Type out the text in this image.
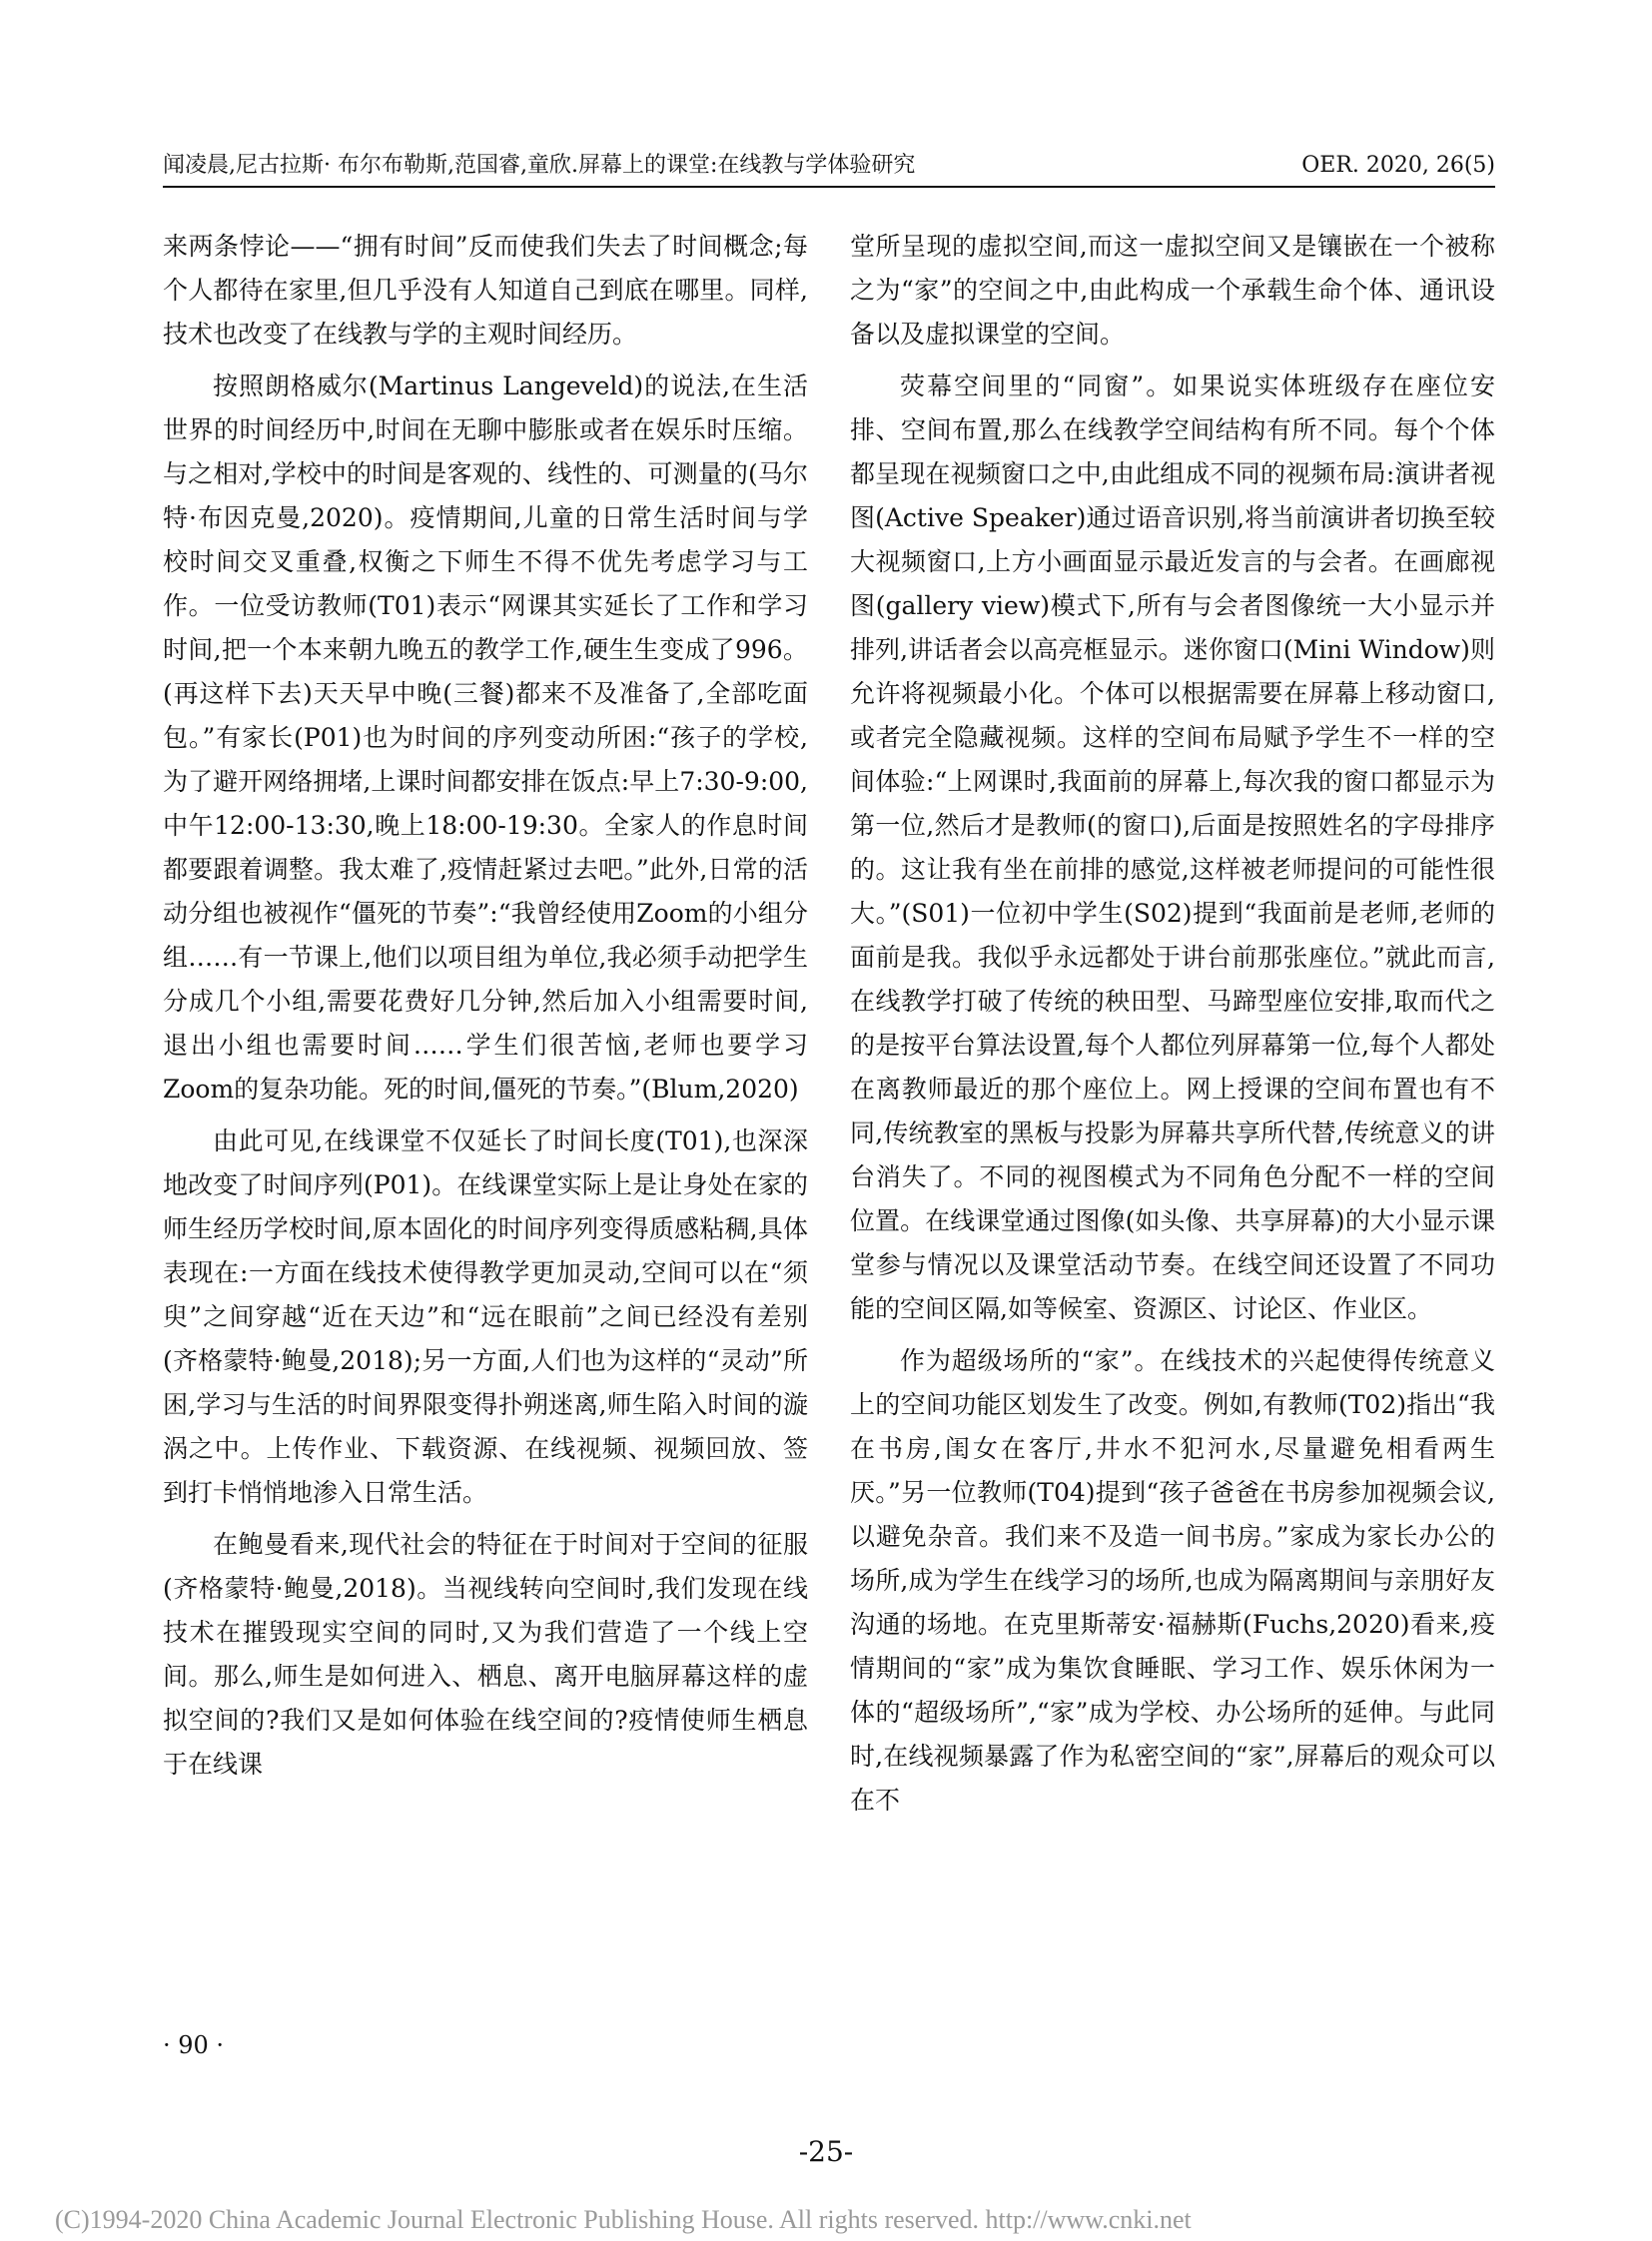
闻凌晨,尼古拉斯· 布尔布勒斯,范国睿,童欣.屏幕上的课堂:在线教与学体验研究	OER. 2020, 26(5)

来两条悖论——“拥有时间”反而使我们失去了时间概念;每个人都待在家里,但几乎没有人知道自己到底在哪里。同样,技术也改变了在线教与学的主观时间经历。

按照朗格威尔(Martinus Langeveld)的说法,在生活世界的时间经历中,时间在无聊中膨胀或者在娱乐时压缩。与之相对,学校中的时间是客观的、线性的、可测量的(马尔特·布因克曼,2020)。疫情期间,儿童的日常生活时间与学校时间交叉重叠,权衡之下师生不得不优先考虑学习与工作。一位受访教师(T01)表示“网课其实延长了工作和学习时间,把一个本来朝九晚五的教学工作,硬生生变成了996。(再这样下去)天天早中晚(三餐)都来不及准备了,全部吃面包。”有家长(P01)也为时间的序列变动所困:“孩子的学校,为了避开网络拥堵,上课时间都安排在饭点:早上7:30-9:00,中午12:00-13:30,晚上18:00-19:30。全家人的作息时间都要跟着调整。我太难了,疫情赶紧过去吧。”此外,日常的活动分组也被视作“僵死的节奏”:“我曾经使用Zoom的小组分组……有一节课上,他们以项目组为单位,我必须手动把学生分成几个小组,需要花费好几分钟,然后加入小组需要时间,退出小组也需要时间……学生们很苦恼,老师也要学习Zoom的复杂功能。死的时间,僵死的节奏。”(Blum,2020)

由此可见,在线课堂不仅延长了时间长度(T01),也深深地改变了时间序列(P01)。在线课堂实际上是让身处在家的师生经历学校时间,原本固化的时间序列变得质感粘稠,具体表现在:一方面在线技术使得教学更加灵动,空间可以在“须臾”之间穿越“近在天边”和“远在眼前”之间已经没有差别(齐格蒙特·鲍曼,2018);另一方面,人们也为这样的“灵动”所困,学习与生活的时间界限变得扑朔迷离,师生陷入时间的漩涡之中。上传作业、下载资源、在线视频、视频回放、签到打卡悄悄地渗入日常生活。

在鲍曼看来,现代社会的特征在于时间对于空间的征服(齐格蒙特·鲍曼,2018)。当视线转向空间时,我们发现在线技术在摧毁现实空间的同时,又为我们营造了一个线上空间。那么,师生是如何进入、栖息、离开电脑屏幕这样的虚拟空间的?我们又是如何体验在线空间的?疫情使师生栖息于在线课

堂所呈现的虚拟空间,而这一虚拟空间又是镶嵌在一个被称之为“家”的空间之中,由此构成一个承载生命个体、通讯设备以及虚拟课堂的空间。

荧幕空间里的“同窗”。如果说实体班级存在座位安排、空间布置,那么在线教学空间结构有所不同。每个个体都呈现在视频窗口之中,由此组成不同的视频布局:演讲者视图(Active Speaker)通过语音识别,将当前演讲者切换至较大视频窗口,上方小画面显示最近发言的与会者。在画廊视图(gallery view)模式下,所有与会者图像统一大小显示并排列,讲话者会以高亮框显示。迷你窗口(Mini Window)则允许将视频最小化。个体可以根据需要在屏幕上移动窗口,或者完全隐藏视频。这样的空间布局赋予学生不一样的空间体验:“上网课时,我面前的屏幕上,每次我的窗口都显示为第一位,然后才是教师(的窗口),后面是按照姓名的字母排序的。这让我有坐在前排的感觉,这样被老师提问的可能性很大。”(S01)一位初中学生(S02)提到“我面前是老师,老师的面前是我。我似乎永远都处于讲台前那张座位。”就此而言,在线教学打破了传统的秧田型、马蹄型座位安排,取而代之的是按平台算法设置,每个人都位列屏幕第一位,每个人都处在离教师最近的那个座位上。网上授课的空间布置也有不同,传统教室的黑板与投影为屏幕共享所代替,传统意义的讲台消失了。不同的视图模式为不同角色分配不一样的空间位置。在线课堂通过图像(如头像、共享屏幕)的大小显示课堂参与情况以及课堂活动节奏。在线空间还设置了不同功能的空间区隔,如等候室、资源区、讨论区、作业区。

作为超级场所的“家”。在线技术的兴起使得传统意义上的空间功能区划发生了改变。例如,有教师(T02)指出“我在书房,闺女在客厅,井水不犯河水,尽量避免相看两生厌。”另一位教师(T04)提到“孩子爸爸在书房参加视频会议,以避免杂音。我们来不及造一间书房。”家成为家长办公的场所,成为学生在线学习的场所,也成为隔离期间与亲朋好友沟通的场地。在克里斯蒂安·福赫斯(Fuchs,2020)看来,疫情期间的“家”成为集饮食睡眠、学习工作、娱乐休闲为一体的“超级场所”,“家”成为学校、办公场所的延伸。与此同时,在线视频暴露了作为私密空间的“家”,屏幕后的观众可以在不

· 90 ·
-25-
(C)1994-2020 China Academic Journal Electronic Publishing House. All rights reserved. http://www.cnki.net
